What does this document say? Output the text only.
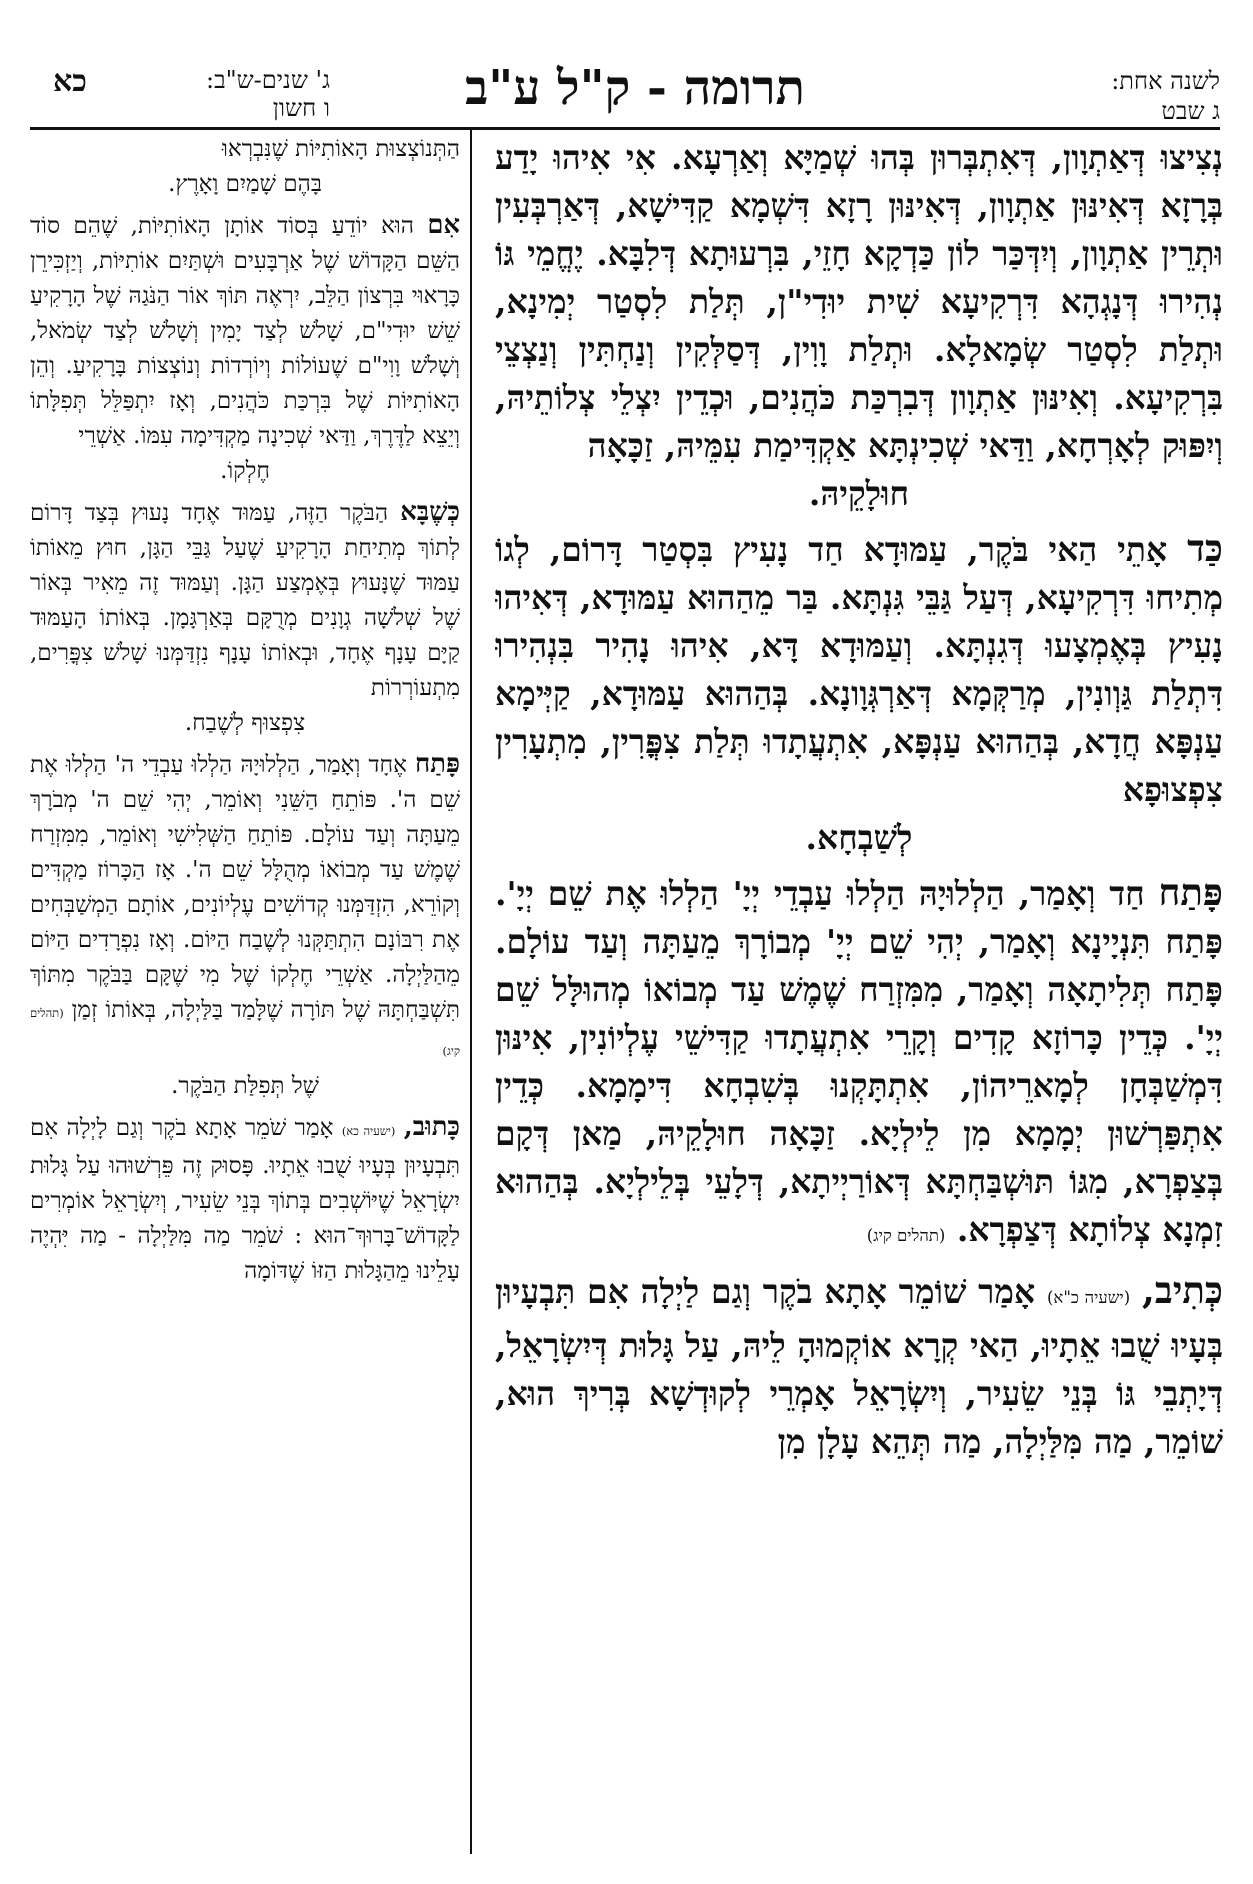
לשנה אחת:
ג שבט
תרומה - ק"ל ע"ב
ג' שנים-ש"ב:
ו חשון
כא

נְצִיצוּ דְּאַתְוָון, דְּאִתְבְּרוּן בְּהוּ שְׁמַיָּא וְאַרְעָא. אִי אִיהוּ יָדַע בְּרָזָא דְּאִינּוּן אַתְוָון, דְּאִינּוּן רָזָא דִּשְׁמָא קַדִּישָׁא, דְּאַרְבְּעִין וּתְרֵין אַתְוָון, וְיִדְּכַּר לוֹן כַּדְקָא חָזֵי, בִּרְעוּתָא דְּלִבָּא. יֶחֱמֵי גּוֹ נְהִירוּ דְּנָגְהָא דִּרְקִיעָא שִׁית יוּדִי"ן, תְּלַת לִסְטַר יְמִינָא, וּתְלַת לִסְטַר שְׂמָאלָא. וּתְלַת וָוִין, דְּסַלְּקִין וְנַחְתִּין וְנַצְצֵי בִּרְקִיעָא. וְאִינּוּן אַתְוָון דְּבִרְכַּת כֹּהֲנִים, וּכְדֵין יִצְלֵי צְלוֹתֵיהּ, וְיִפּוּק לְאָרְחָא, וַדַּאי שְׁכִינְתָּא אַקְדִּימַת עִמֵּיהּ, זַכָּאָה
חוּלָקֵיהּ.

כַּד אָתֵי הַאי בֹּקֶר, עַמּוּדָא חַד נָעִיץ בִּסְטַר דָּרוֹם, לְגוֹ מְתִיחוּ דִּרְקִיעָא, דְּעַל גַּבֵּי גִּנְתָּא. בַּר מֵהַהוּא עַמּוּדָא, דְּאִיהוּ נָעִיץ בְּאֶמְצָעוּ דְּגִנְתָּא. וְעַמּוּדָא דָּא, אִיהוּ נָהִיר בִּנְהִירוּ דִּתְלַת גַּוְונִין, מְרַקְּמָא דְּאַרְגְּוָונָא. בְּהַהוּא עַמּוּדָא, קַיְּימָא עַנְפָּא חֲדָא, בְּהַהוּא עַנְפָּא, אִתְעֲתָדוּ תְּלַת צִפֳּרִין, מִתְעָרִין צִפְצוּפָא
לְשַׁבְחָא.

פָּתַח חַד וְאָמַר, הַלְלוּיָהּ הַלְלוּ עַבְדֵי יְיָ' הַלְלוּ אֶת שֵׁם יְיָ'. פָּתַח תִּנְיָינָא וְאָמַר, יְהִי שֵׁם יְיָ' מְבוֹרָךְ מֵעַתָּה וְעַד עוֹלָם. פָּתַח תְּלִיתָאָה וְאָמַר, מִמִּזְרַח שֶׁמֶשׁ עַד מְבוֹאוֹ מְהוּלָּל שֵׁם יְיָ'. כְּדֵין כָּרוֹזָא קָדִים וְקָרֵי אִתְעֲתָדוּ קַדִּישֵׁי עֶלְיוֹנִין, אִינּוּן דִּמְשַׁבְּחָן לְמָארֵיהוֹן, אִתְתָּקְנוּ בְּשִׁבְחָא דִּימָמָא. כְּדֵין אִתְפַּרְשׁוּן יְמָמָא מִן לֵילְיָא. זַכָּאָה חוּלָקֵיהּ, מַאן דְּקָם בְּצַפְרָא, מִגּוֹ תּוּשְׁבַּחְתָּא דְּאוֹרַיְיתָא, דְּלָעֵי בְּלֵילְיָא. בְּהַהוּא זִמְנָא צְלוֹתָא דְּצַפְרָא. (תהלים קיג)

כְּתִיב, (ישעיה כ"א) אָמַר שׁוֹמֵר אָתָא בֹקֶר וְגַם לַיְלָה אִם תִּבְעָיוּן בְּעָיוּ שֻׁבוּ אֵתָיוּ, הַאי קְרָא אוֹקְמוּהָ לֵיהּ, עַל גָּלוּת דְּיִשְׂרָאֵל, דְּיָתְבֵי גּוֹ בְּנֵי שֵׂעִיר, וְיִשְׂרָאֵל אָמְרֵי לְקוּדְשָׁא בְּרִיךְ הוּא, שׁוֹמֵר, מַה מִּלַּיְלָה, מַה תְּהֵא עָלָן מִן

הַתְּנוֹצְצוּת הָאוֹתִיּוֹת שֶׁנִּבְרְאוּ
בָּהֶם שָׁמַיִם וָאָרֶץ.

אִם הוּא יוֹדֵעַ בְּסוֹד אוֹתָן הָאוֹתִיּוֹת, שֶׁהֵם סוֹד הַשֵּׁם הַקָּדוֹשׁ שֶׁל אַרְבָּעִים וּשְׁתַּיִם אוֹתִיּוֹת, וְיַזְכִּירֵן כָּרָאוּי בִּרְצוֹן הַלֵּב, יִרְאֶה תּוֹךְ אוֹר הַנֹּגַהּ שֶׁל הָרָקִיעַ שֵׁשׁ יוּדִי"ם, שָׁלֹשׁ לְצַד יָמִין וְשָׁלֹשׁ לְצַד שְׂמֹאל, וְשָׁלֹשׁ וָוִי"ם שֶׁעוֹלוֹת וְיוֹרְדוֹת וְנוֹצְצוֹת בָּרָקִיעַ. וְהֵן הָאוֹתִיּוֹת שֶׁל בִּרְכַּת כֹּהֲנִים, וְאָז יִתְפַּלֵּל תְּפִלָּתוֹ וְיֵצֵא לַדֶּרֶךְ, וַדַּאי שְׁכִינָה מַקְדִּימָה עִמּוֹ. אַשְׁרֵי
חֶלְקוֹ.

כְּשֶׁבָּא הַבֹּקֶר הַזֶּה, עַמּוּד אֶחָד נָעוּץ בְּצַד דָּרוֹם לְתוֹךְ מְתִיחַת הָרָקִיעַ שֶׁעַל גַּבֵּי הַגָּן, חוּץ מֵאוֹתוֹ עַמּוּד שֶׁנָּעוּץ בְּאֶמְצַע הַגָּן. וְעַמּוּד זֶה מֵאִיר בְּאוֹר שֶׁל שְׁלֹשָׁה גְוָנִים מְרֻקָּם בְּאַרְגָּמָן. בְּאוֹתוֹ הָעַמּוּד קַיָּם עָנָף אֶחָד, וּבְאוֹתוֹ עָנָף נִזְדַּמְּנוּ שָׁלֹשׁ צִפֳּרִים, מִתְעוֹרְרוֹת
צִפְצוּף לְשֶׁבַח.

פָּתַח אֶחָד וְאָמַר, הַלְלוּיָהּ הַלְלוּ עַבְדֵי ה' הַלְלוּ אֶת שֵׁם ה'. פּוֹתֵחַ הַשֵּׁנִי וְאוֹמֵר, יְהִי שֵׁם ה' מְבֹרָךְ מֵעַתָּה וְעַד עוֹלָם. פּוֹתֵחַ הַשְּׁלִישִׁי וְאוֹמֵר, מִמִּזְרַח שֶׁמֶשׁ עַד מְבוֹאוֹ מְהֻלָּל שֵׁם ה'. אָז הַכָּרוֹז מַקְדִּים וְקוֹרֵא, הִזְדַּמְּנוּ קְדוֹשִׁים עֶלְיוֹנִים, אוֹתָם הַמְשַׁבְּחִים אֶת רִבּוֹנָם הִתְתַּקְּנוּ לְשֶׁבַח הַיּוֹם. וְאָז נִפְרָדִים הַיּוֹם מֵהַלַּיְלָה. אַשְׁרֵי חֶלְקוֹ שֶׁל מִי שֶׁקָּם בַּבֹּקֶר מִתּוֹךְ תִּשְׁבַּחְתָּהּ שֶׁל תּוֹרָה שֶׁלָּמַד בַּלַּיְלָה, בְּאוֹתוֹ זְמַן (תהלים קיג)
שֶׁל תְּפִלַּת הַבֹּקֶר.

כָּתוּב, (ישעיה כא) אָמַר שֹׁמֵר אָתָא בֹקֶר וְגַם לָיְלָה אִם תִּבְעָיוּן בְּעָיוּ שֻׁבוּ אֵתָיוּ. פָּסוּק זֶה פֵּרְשׁוּהוּ עַל גָּלוּת יִשְׂרָאֵל שֶׁיּוֹשְׁבִים בְּתוֹךְ בְּנֵי שֵׂעִיר, וְיִשְׂרָאֵל אוֹמְרִים לַקָּדוֹשׁ־בָּרוּךְ־הוּא : שֹׁמֵר מַה מִּלַּיְלָה - מַה יִּהְיֶה עָלֵינוּ מֵהַגָּלוּת הַזּוֹ שֶׁדּוֹמָה
